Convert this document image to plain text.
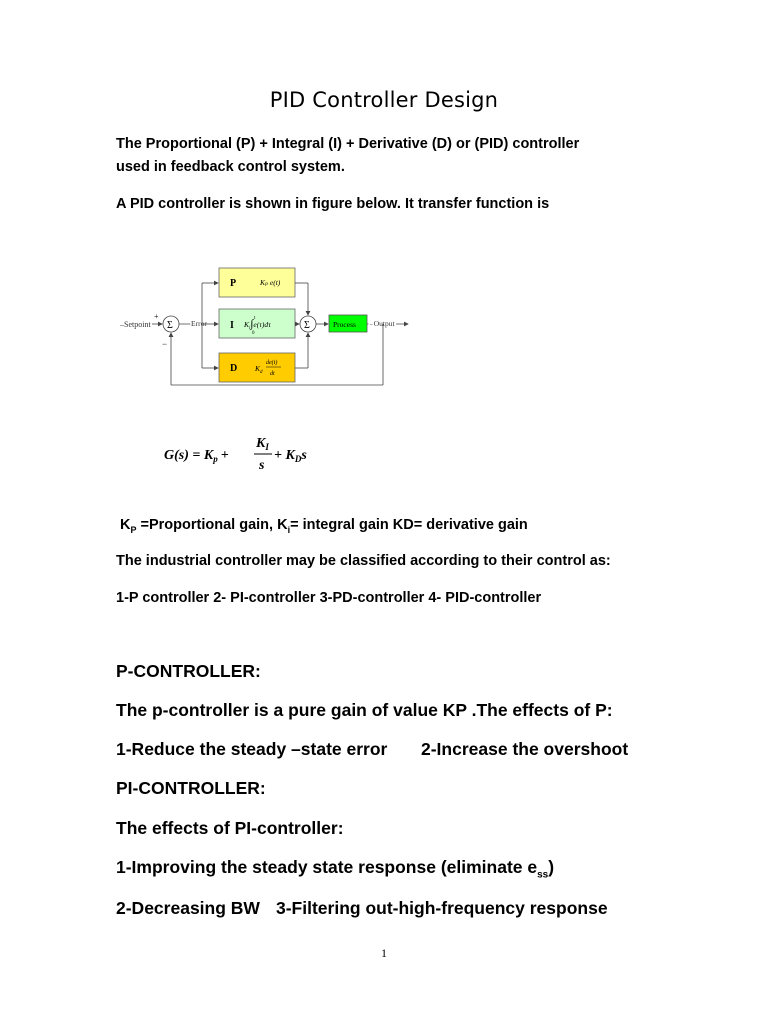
PID Controller Design
The Proportional (P) + Integral (I) + Derivative (D) or (PID) controller
used in feedback control system.
A PID controller is shown in figure below. It transfer function is
–Setpoint
+
Σ
−
Error
P	Kₚ e(t)
I $K_i\int e(\tau)d\tau$
t
0
D $K_d$
de(t)
dt
Σ	Process –Output
$G(s) = K_p$ +
$K_I$
s
+ $K_Ds$
$K_P$ =Proportional gain, $K_i=$ integral gain KD= derivative gain
The industrial controller may be classified according to their control as:
1-P controller 2- PI-controller 3-PD-controller 4- PID-controller
P-CONTROLLER:
The p-controller is a pure gain of value KP .The effects of P:
1-Reduce the steady –state error 2-Increase the overshoot
PI-CONTROLLER:
The effects of PI-controller:
1-Improving the steady state response (eliminate $e_{ss}$)
2-Decreasing BW 3-Filtering out-high-frequency response
1
